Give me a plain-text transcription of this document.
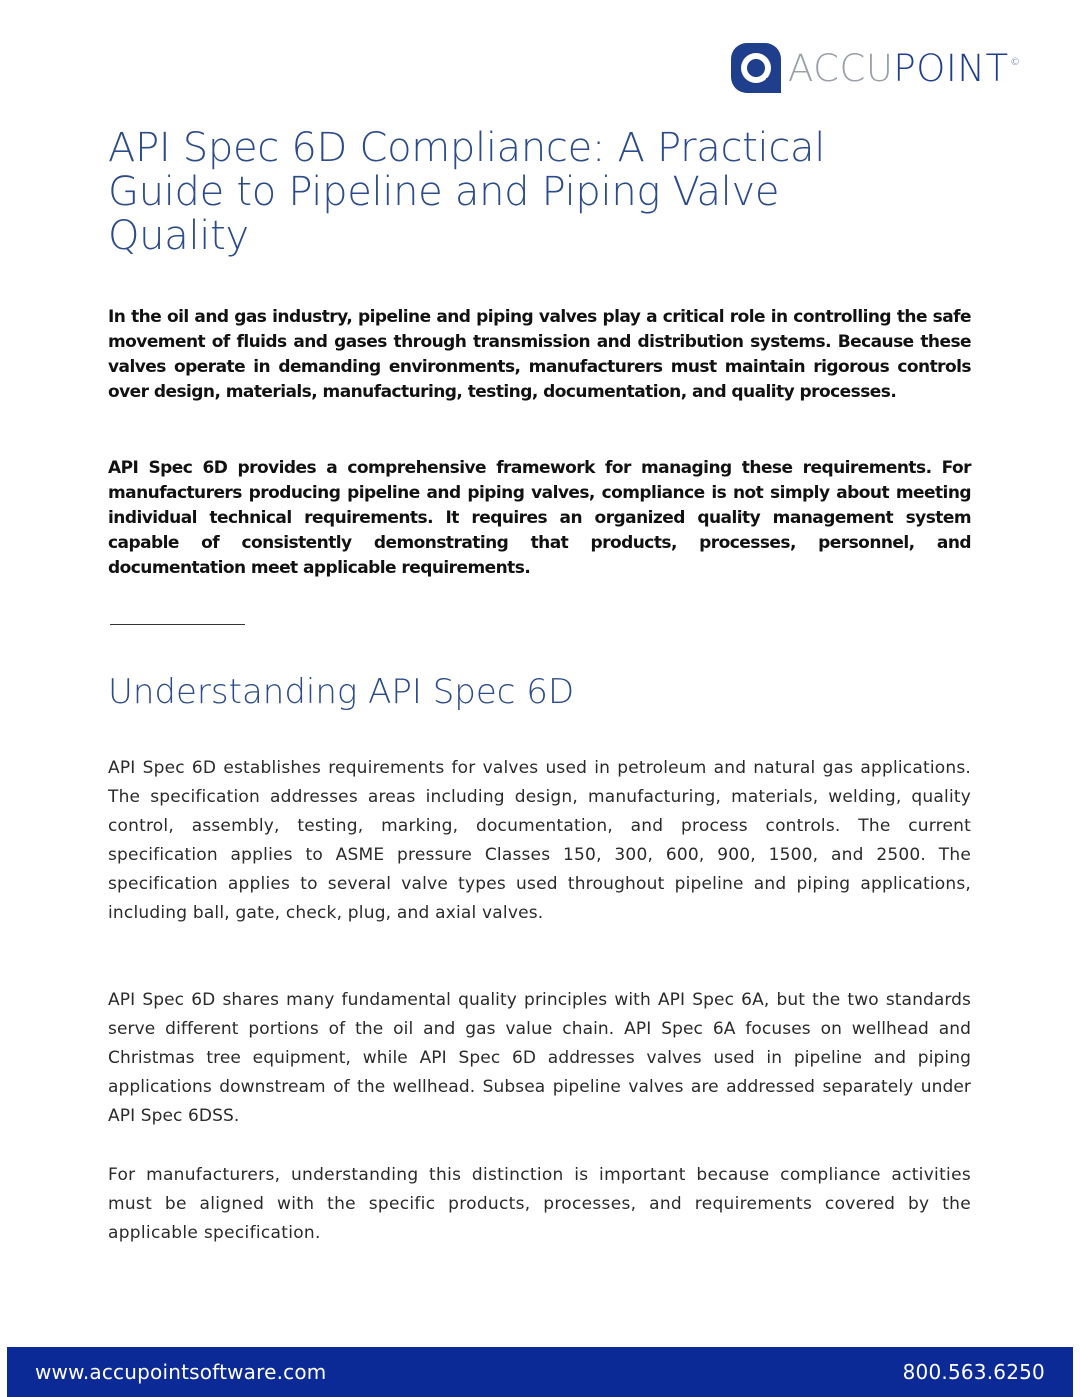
ACCUPOINT ©
API Spec 6D Compliance: A Practical Guide to Pipeline and Piping Valve Quality

In the oil and gas industry, pipeline and piping valves play a critical role in controlling the safe movement of fluids and gases through transmission and distribution systems. Because these valves operate in demanding environments, manufacturers must maintain rigorous controls over design, materials, manufacturing, testing, documentation, and quality processes.

API Spec 6D provides a comprehensive framework for managing these requirements. For manufacturers producing pipeline and piping valves, compliance is not simply about meeting individual technical requirements. It requires an organized quality management system capable of consistently demonstrating that products, processes, personnel, and documentation meet applicable requirements.

Understanding API Spec 6D

API Spec 6D establishes requirements for valves used in petroleum and natural gas applications. The specification addresses areas including design, manufacturing, materials, welding, quality control, assembly, testing, marking, documentation, and process controls. The current specification applies to ASME pressure Classes 150, 300, 600, 900, 1500, and 2500. The specification applies to several valve types used throughout pipeline and piping applications, including ball, gate, check, plug, and axial valves.

API Spec 6D shares many fundamental quality principles with API Spec 6A, but the two standards serve different portions of the oil and gas value chain. API Spec 6A focuses on wellhead and Christmas tree equipment, while API Spec 6D addresses valves used in pipeline and piping applications downstream of the wellhead. Subsea pipeline valves are addressed separately under API Spec 6DSS.

For manufacturers, understanding this distinction is important because compliance activities must be aligned with the specific products, processes, and requirements covered by the applicable specification.

www.accupointsoftware.com	800.563.6250
